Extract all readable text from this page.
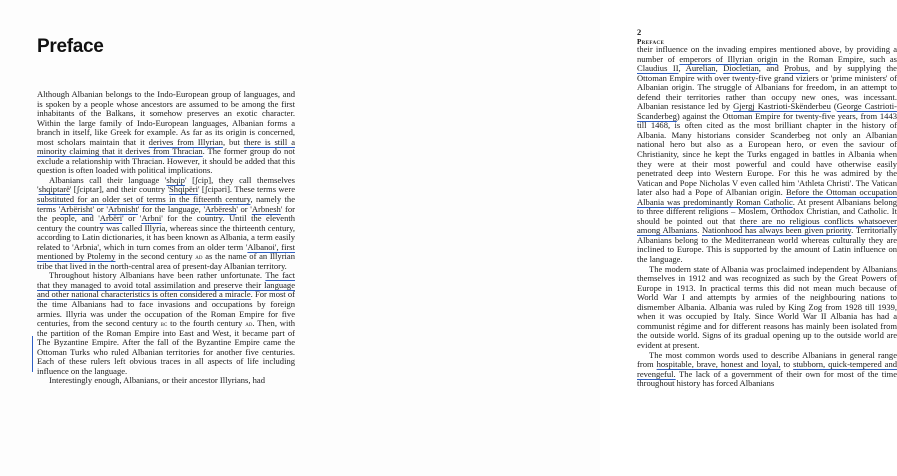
Preface

Although Albanian belongs to the Indo-European group of languages, and is spoken by a people whose ancestors are assumed to be among the first inhabitants of the Balkans, it somehow preserves an exotic character. Within the large family of Indo-European languages, Albanian forms a branch in itself, like Greek for example. As far as its origin is concerned, most scholars maintain that it derives from Illyrian, but there is still a minority claiming that it derives from Thracian. The former group do not exclude a relationship with Thracian. However, it should be added that this question is often loaded with political implications.

Albanians call their language 'shqip' [ʃcip], they call themselves 'shqiptarë' [ʃciptar], and their country 'Shqipëri' [ʃcipəri]. These terms were substituted for an older set of terms in the fifteenth century, namely the terms 'Arbërisht' or 'Arbnisht' for the language, 'Arbëresh' or 'Arbnesh' for the people, and 'Arbëri' or 'Arbni' for the country. Until the eleventh century the country was called Illyria, whereas since the thirteenth century, according to Latin dictionaries, it has been known as Albania, a term easily related to 'Arbnia', which in turn comes from an older term 'Albanoi', first mentioned by Ptolemy in the second century ad as the name of an Illyrian tribe that lived in the north-central area of present-day Albanian territory.

Throughout history Albanians have been rather unfortunate. The fact that they managed to avoid total assimilation and preserve their language and other national characteristics is often considered a miracle. For most of the time Albanians had to face invasions and occupations by foreign armies. Illyria was under the occupation of the Roman Empire for five centuries, from the second century bc to the fourth century ad. Then, with the partition of the Roman Empire into East and West, it became part of The Byzantine Empire. After the fall of the Byzantine Empire came the Ottoman Turks who ruled Albanian territories for another five centuries. Each of these rulers left obvious traces in all aspects of life including influence on the language.

Interestingly enough, Albanians, or their ancestor Illyrians, had

2 Preface

their influence on the invading empires mentioned above, by providing a number of emperors of Illyrian origin in the Roman Empire, such as Claudius II, Aurelian, Diocletian, and Probus, and by supplying the Ottoman Empire with over twenty-five grand viziers or 'prime ministers' of Albanian origin. The struggle of Albanians for freedom, in an attempt to defend their territories rather than occupy new ones, was incessant. Albanian resistance led by Gjergj Kastrioti-Skënderbeu (George Castrioti-Scanderbeg) against the Ottoman Empire for twenty-five years, from 1443 till 1468, is often cited as the most brilliant chapter in the history of Albania. Many historians consider Scanderbeg not only an Albanian national hero but also as a European hero, or even the saviour of Christianity, since he kept the Turks engaged in battles in Albania when they were at their most powerful and could have otherwise easily penetrated deep into Western Europe. For this he was admired by the Vatican and Pope Nicholas V even called him 'Athleta Christi'. The Vatican later also had a Pope of Albanian origin. Before the Ottoman occupation Albania was predominantly Roman Catholic. At present Albanians belong to three different religions – Moslem, Orthodox Christian, and Catholic. It should be pointed out that there are no religious conflicts whatsoever among Albanians. Nationhood has always been given priority. Territorially Albanians belong to the Mediterranean world whereas culturally they are inclined to Europe. This is supported by the amount of Latin influence on the language.

The modern state of Albania was proclaimed independent by Albanians themselves in 1912 and was recognized as such by the Great Powers of Europe in 1913. In practical terms this did not mean much because of World War I and attempts by armies of the neighbouring nations to dismember Albania. Albania was ruled by King Zog from 1928 till 1939, when it was occupied by Italy. Since World War II Albania has had a communist régime and for different reasons has mainly been isolated from the outside world. Signs of its gradual opening up to the outside world are evident at present.

The most common words used to describe Albanians in general range from hospitable, brave, honest and loyal, to stubborn, quick-tempered and revengeful. The lack of a government of their own for most of the time throughout history has forced Albanians
